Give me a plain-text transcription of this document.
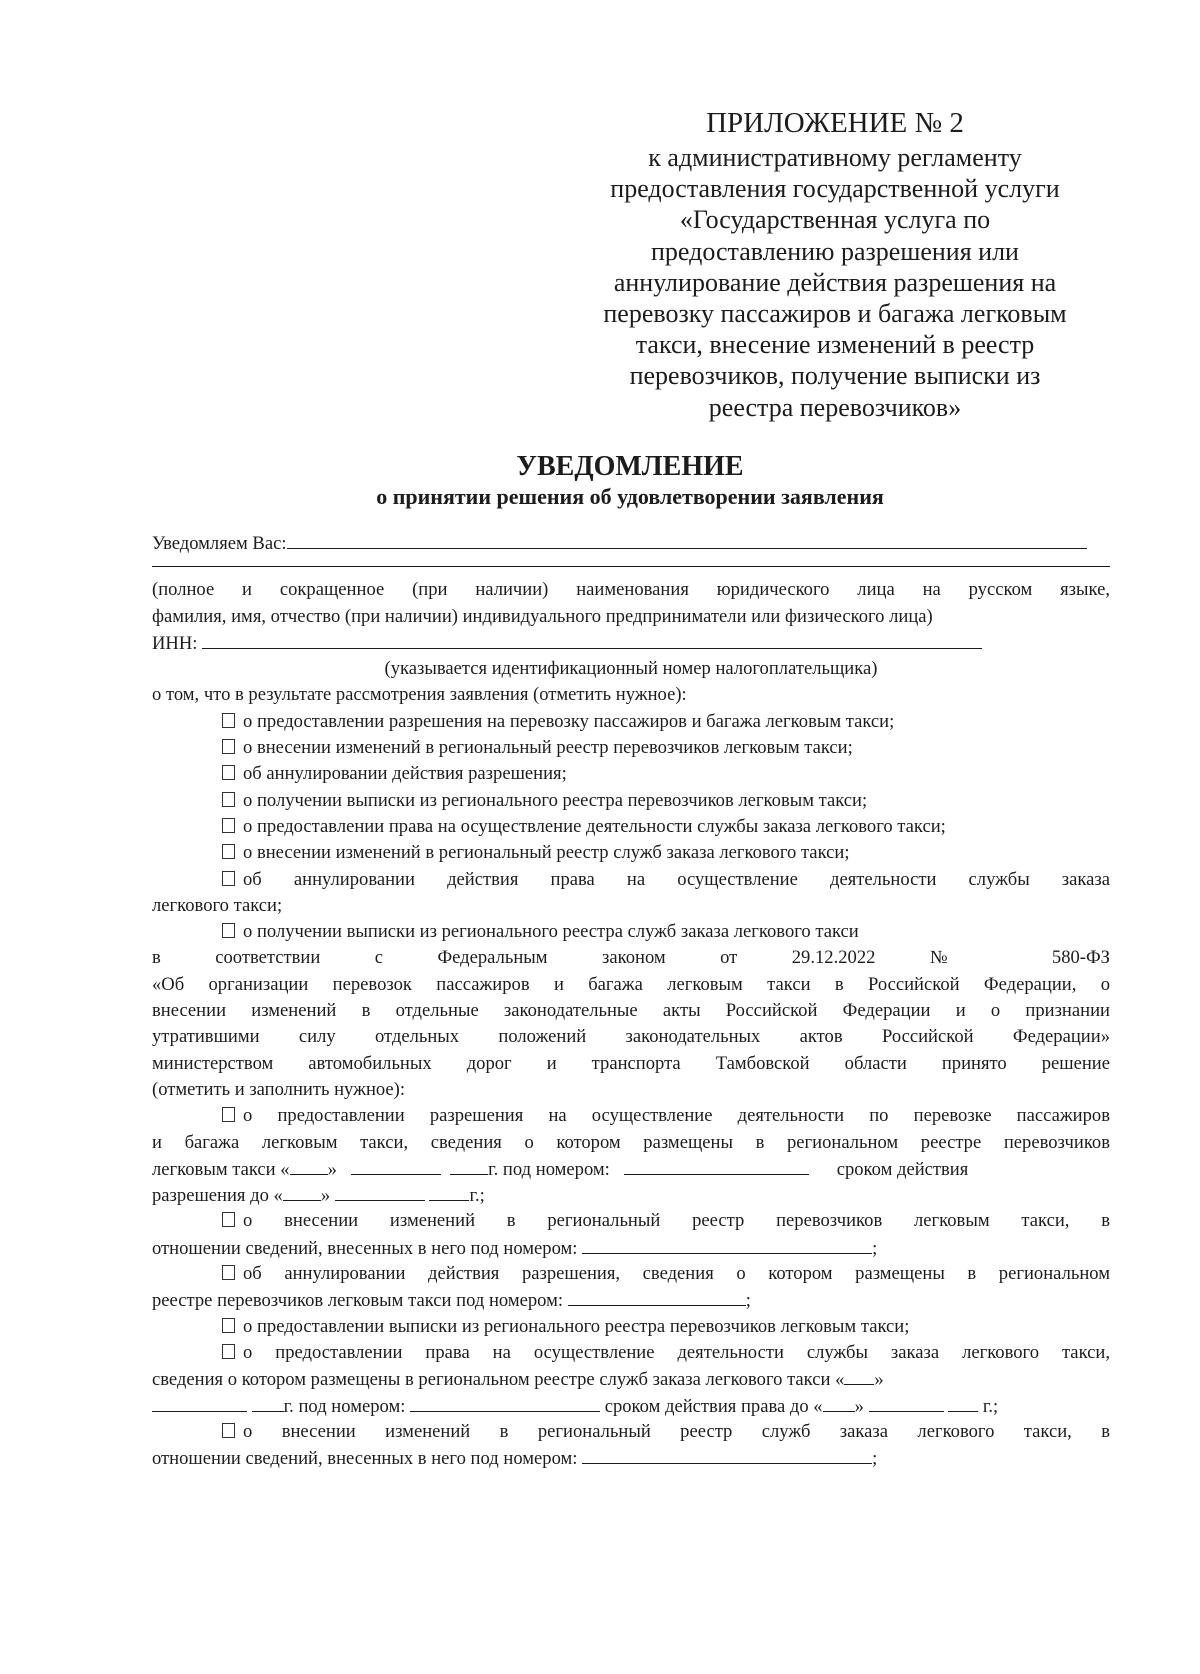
ПРИЛОЖЕНИЕ № 2
к административному регламенту
предоставления государственной услуги
«Государственная услуга по
предоставлению разрешения или
аннулирование действия разрешения на
перевозку пассажиров и багажа легковым
такси, внесение изменений в реестр
перевозчиков, получение выписки из
реестра перевозчиков»
УВЕДОМЛЕНИЕ
о принятии решения об удовлетворении заявления
Уведомляем Вас:
(полное и сокращенное (при наличии) наименования юридического лица на русском языке,
фамилия, имя, отчество (при наличии) индивидуального предприниматели или физического лица)
ИНН:
(указывается идентификационный номер налогоплательщика)
о том, что в результате рассмотрения заявления (отметить нужное):
о предоставлении разрешения на перевозку пассажиров и багажа легковым такси;
о внесении изменений в региональный реестр перевозчиков легковым такси;
об аннулировании действия разрешения;
о получении выписки из регионального реестра перевозчиков легковым такси;
о предоставлении права на осуществление деятельности службы заказа легкового такси;
о внесении изменений в региональный реестр служб заказа легкового такси;
об аннулировании действия права на осуществление деятельности службы заказа
легкового такси;
о получении выписки из регионального реестра служб заказа легкового такси
в соответствии с Федеральным законом от 29.12.2022 № 580-ФЗ
«Об организации перевозок пассажиров и багажа легковым такси в Российской Федерации, о
внесении изменений в отдельные законодательные акты Российской Федерации и о признании
утратившими силу отдельных положений законодательных актов Российской Федерации»
министерством автомобильных дорог и транспорта Тамбовской области принято решение
(отметить и заполнить нужное):
о предоставлении разрешения на осуществление деятельности по перевозке пассажиров
и багажа легковым такси, сведения о котором размещены в региональном реестре перевозчиков
легковым такси « »	г. под номером:	сроком действия
разрешения до « »	г.;
о внесении изменений в региональный реестр перевозчиков легковым такси, в
отношении сведений, внесенных в него под номером:	;
об аннулировании действия разрешения, сведения о котором размещены в региональном
реестре перевозчиков легковым такси под номером:	;
о предоставлении выписки из регионального реестра перевозчиков легковым такси;
о предоставлении права на осуществление деятельности службы заказа легкового такси,
сведения о котором размещены в региональном реестре служб заказа легкового такси « »
г. под номером:	сроком действия права до « »	г.;
о внесении изменений в региональный реестр служб заказа легкового такси, в
отношении сведений, внесенных в него под номером:	;
